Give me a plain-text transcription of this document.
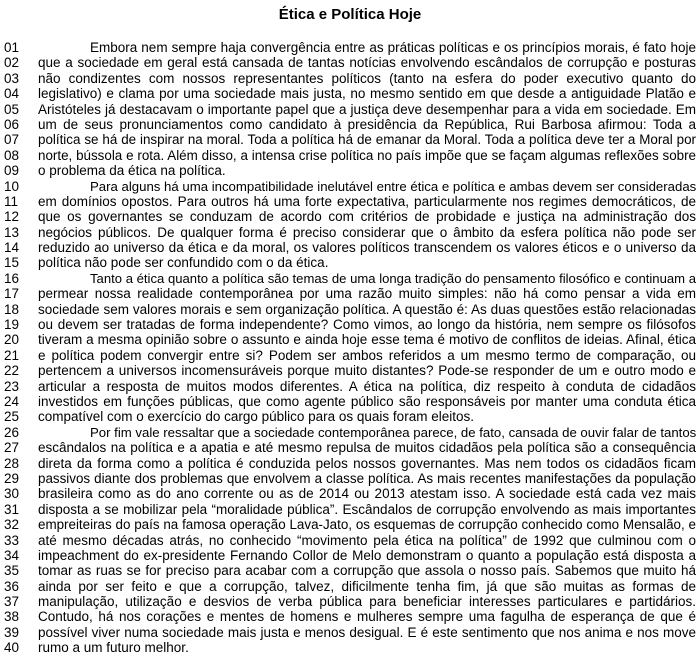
Ética e Política Hoje
01	Embora nem sempre haja convergência entre as práticas políticas e os princípios morais, é fato hoje
02	que a sociedade em geral está cansada de tantas notícias envolvendo escândalos de corrupção e posturas
03	não condizentes com nossos representantes políticos (tanto na esfera do poder executivo quanto do
04	legislativo) e clama por uma sociedade mais justa, no mesmo sentido em que desde a antiguidade Platão e
05	Aristóteles já destacavam o importante papel que a justiça deve desempenhar para a vida em sociedade. Em
06	um de seus pronunciamentos como candidato à presidência da República, Rui Barbosa afirmou: Toda a
07	política se há de inspirar na moral. Toda a política há de emanar da Moral. Toda a política deve ter a Moral por
08	norte, bússola e rota. Além disso, a intensa crise política no país impõe que se façam algumas reflexões sobre
09	o problema da ética na política.
10	Para alguns há uma incompatibilidade inelutável entre ética e política e ambas devem ser consideradas
11	em domínios opostos. Para outros há uma forte expectativa, particularmente nos regimes democráticos, de
12	que os governantes se conduzam de acordo com critérios de probidade e justiça na administração dos
13	negócios públicos. De qualquer forma é preciso considerar que o âmbito da esfera política não pode ser
14	reduzido ao universo da ética e da moral, os valores políticos transcendem os valores éticos e o universo da
15	política não pode ser confundido com o da ética.
16	Tanto a ética quanto a política são temas de uma longa tradição do pensamento filosófico e continuam a
17	permear nossa realidade contemporânea por uma razão muito simples: não há como pensar a vida em
18	sociedade sem valores morais e sem organização política. A questão é: As duas questões estão relacionadas
19	ou devem ser tratadas de forma independente? Como vimos, ao longo da história, nem sempre os filósofos
20	tiveram a mesma opinião sobre o assunto e ainda hoje esse tema é motivo de conflitos de ideias. Afinal, ética
21	e política podem convergir entre si? Podem ser ambos referidos a um mesmo termo de comparação, ou
22	pertencem a universos incomensuráveis porque muito distantes? Pode-se responder de um e outro modo e
23	articular a resposta de muitos modos diferentes. A ética na política, diz respeito à conduta de cidadãos
24	investidos em funções públicas, que como agente público são responsáveis por manter uma conduta ética
25	compatível com o exercício do cargo público para os quais foram eleitos.
26	Por fim vale ressaltar que a sociedade contemporânea parece, de fato, cansada de ouvir falar de tantos
27	escândalos na política e a apatia e até mesmo repulsa de muitos cidadãos pela política são a consequência
28	direta da forma como a política é conduzida pelos nossos governantes. Mas nem todos os cidadãos ficam
29	passivos diante dos problemas que envolvem a classe política. As mais recentes manifestações da população
30	brasileira como as do ano corrente ou as de 2014 ou 2013 atestam isso. A sociedade está cada vez mais
31	disposta a se mobilizar pela “moralidade pública”. Escândalos de corrupção envolvendo as mais importantes
32	empreiteiras do país na famosa operação Lava-Jato, os esquemas de corrupção conhecido como Mensalão, e
33	até mesmo décadas atrás, no conhecido “movimento pela ética na política” de 1992 que culminou com o
34	impeachment do ex-presidente Fernando Collor de Melo demonstram o quanto a população está disposta a
35	tomar as ruas se for preciso para acabar com a corrupção que assola o nosso país. Sabemos que muito há
36	ainda por ser feito e que a corrupção, talvez, dificilmente tenha fim, já que são muitas as formas de
37	manipulação, utilização e desvios de verba pública para beneficiar interesses particulares e partidários.
38	Contudo, há nos corações e mentes de homens e mulheres sempre uma fagulha de esperança de que é
39	possível viver numa sociedade mais justa e menos desigual. E é este sentimento que nos anima e nos move
40	rumo a um futuro melhor.
